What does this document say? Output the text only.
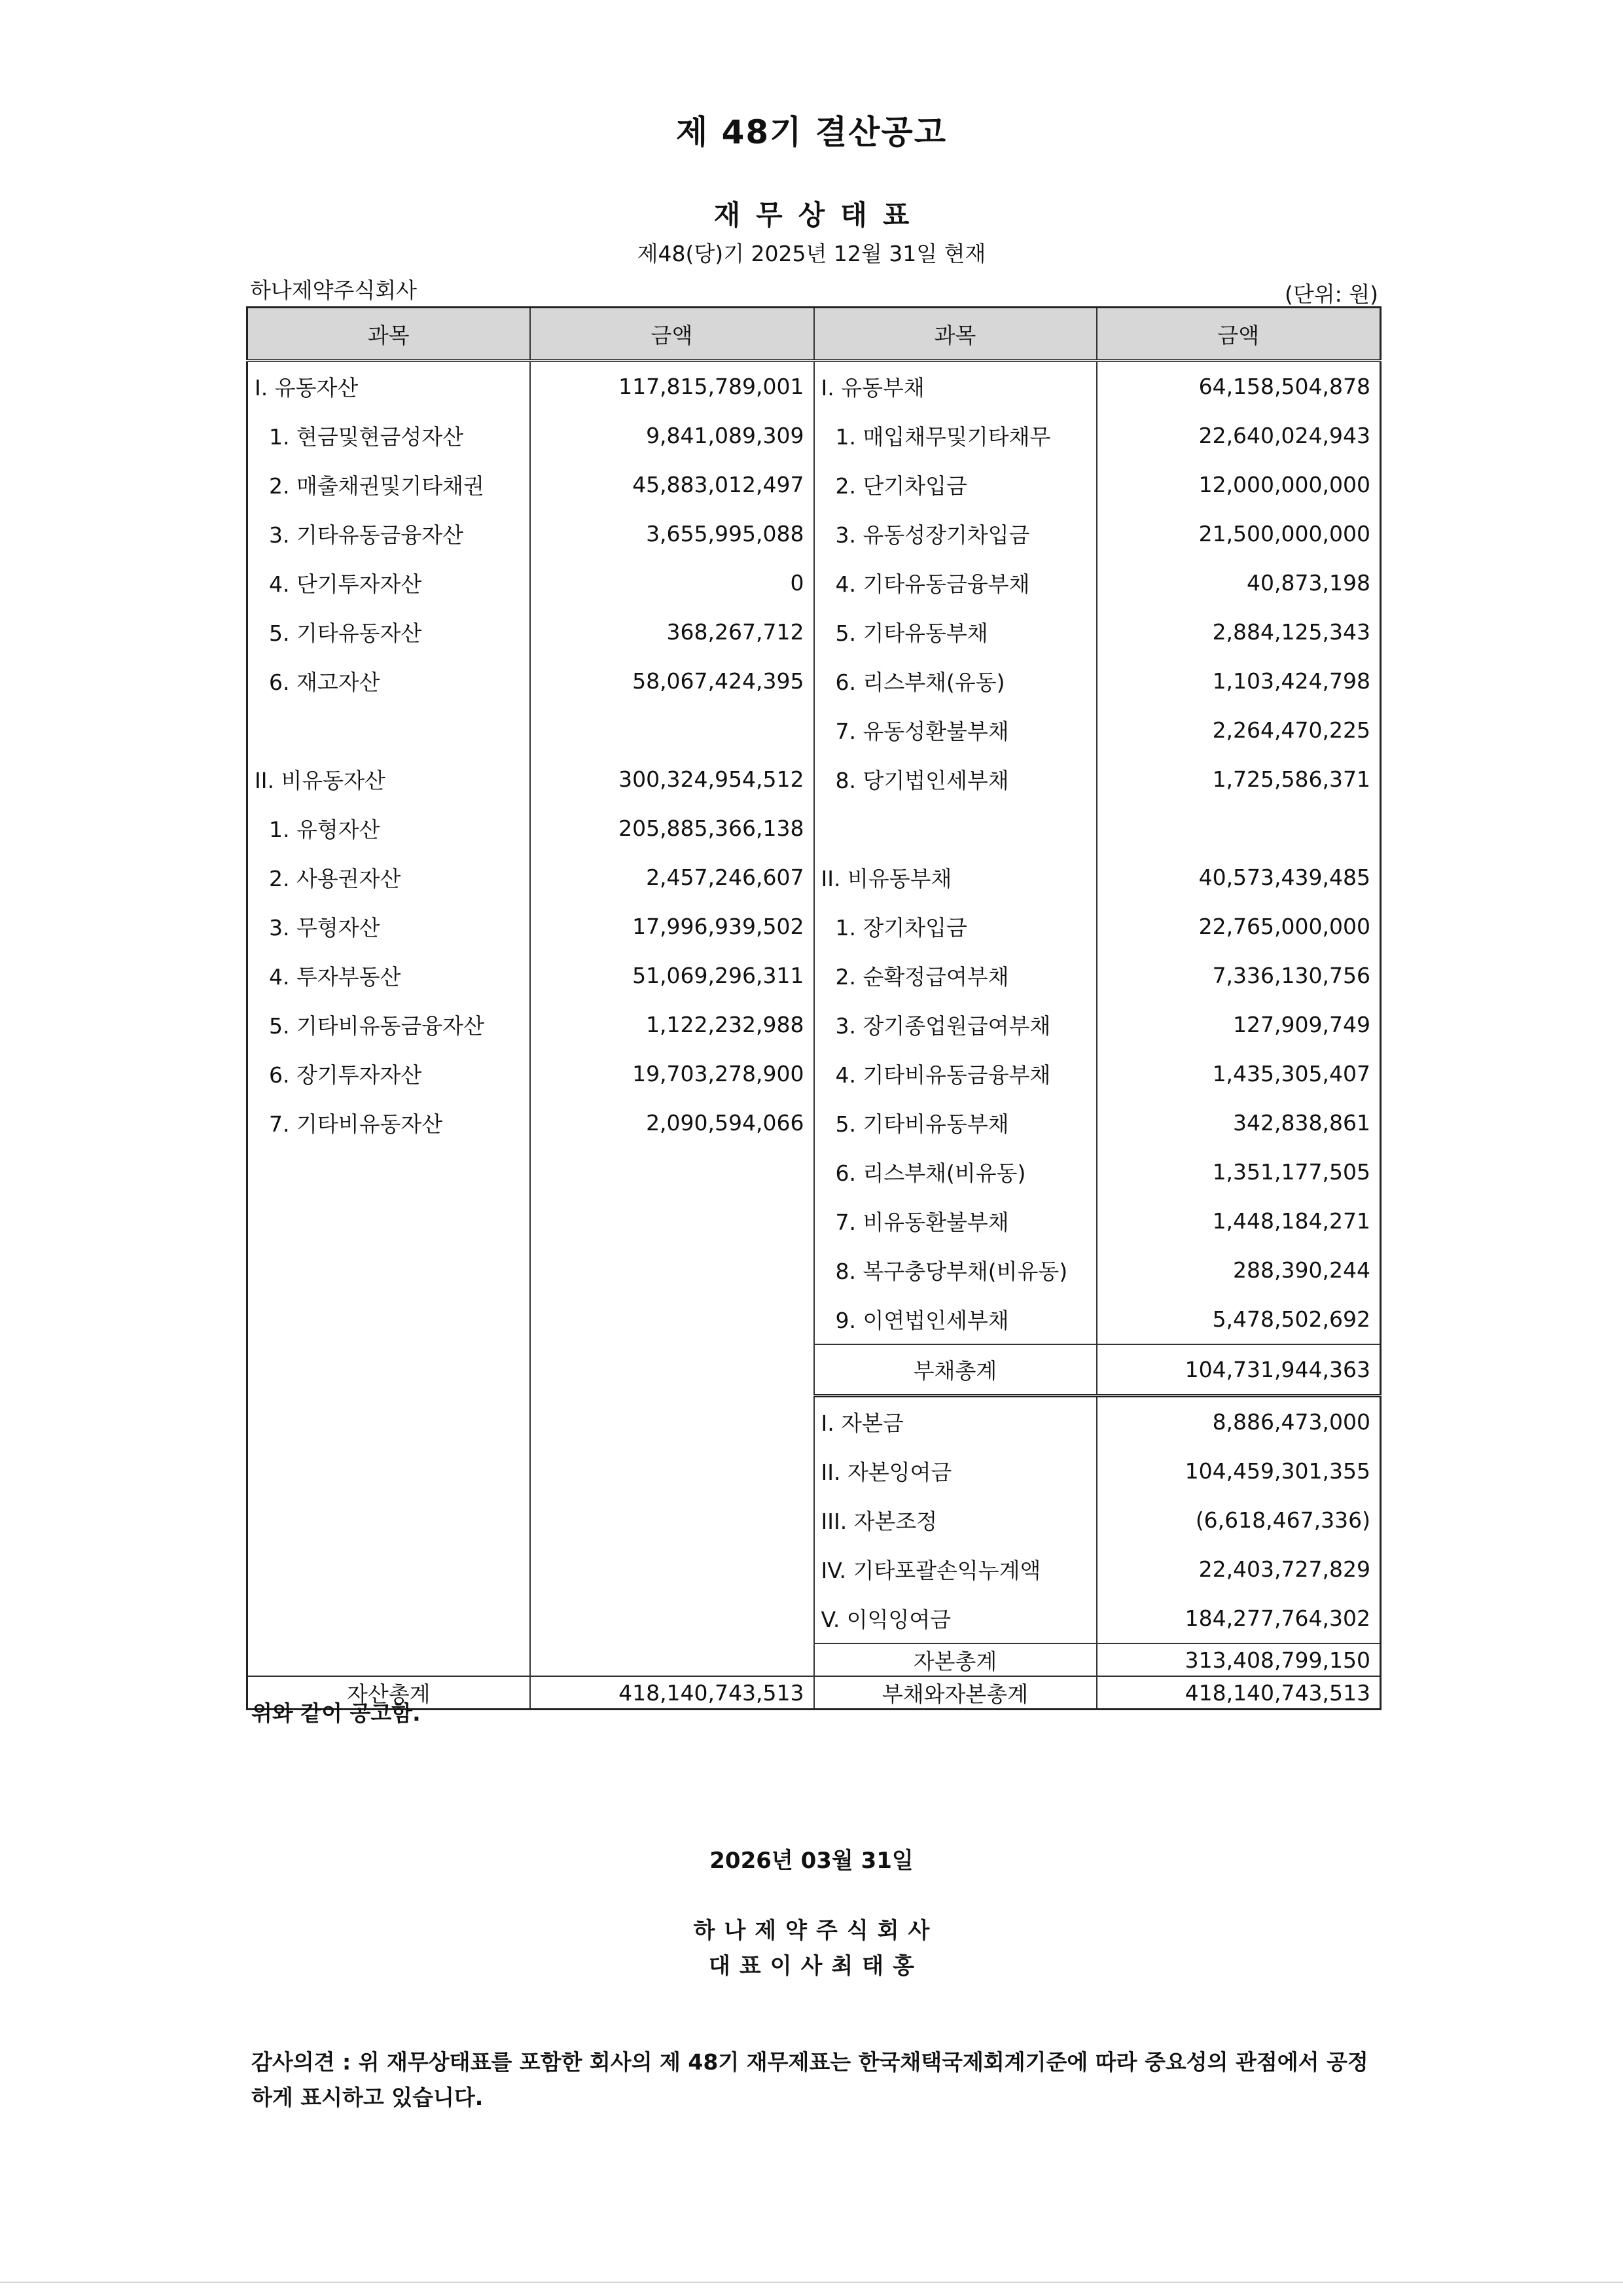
제 48기 결산공고
재무상태표
제48(당)기 2025년 12월 31일 현재
하나제약주식회사	(단위: 원)
과목	금액	과목	금액
I. 유동자산	117,815,789,001	I. 유동부채	64,158,504,878
1. 현금및현금성자산	9,841,089,309	1. 매입채무및기타채무	22,640,024,943
2. 매출채권및기타채권	45,883,012,497	2. 단기차입금	12,000,000,000
3. 기타유동금융자산	3,655,995,088	3. 유동성장기차입금	21,500,000,000
4. 단기투자자산	0	4. 기타유동금융부채	40,873,198
5. 기타유동자산	368,267,712	5. 기타유동부채	2,884,125,343
6. 재고자산	58,067,424,395	6. 리스부채(유동)	1,103,424,798
		7. 유동성환불부채	2,264,470,225
II. 비유동자산	300,324,954,512	8. 당기법인세부채	1,725,586,371
1. 유형자산	205,885,366,138		
2. 사용권자산	2,457,246,607	II. 비유동부채	40,573,439,485
3. 무형자산	17,996,939,502	1. 장기차입금	22,765,000,000
4. 투자부동산	51,069,296,311	2. 순확정급여부채	7,336,130,756
5. 기타비유동금융자산	1,122,232,988	3. 장기종업원급여부채	127,909,749
6. 장기투자자산	19,703,278,900	4. 기타비유동금융부채	1,435,305,407
7. 기타비유동자산	2,090,594,066	5. 기타비유동부채	342,838,861
		6. 리스부채(비유동)	1,351,177,505
		7. 비유동환불부채	1,448,184,271
		8. 복구충당부채(비유동)	288,390,244
		9. 이연법인세부채	5,478,502,692
		부채총계	104,731,944,363
		I. 자본금	8,886,473,000
		II. 자본잉여금	104,459,301,355
		III. 자본조정	(6,618,467,336)
		IV. 기타포괄손익누계액	22,403,727,829
		V. 이익잉여금	184,277,764,302
		자본총계	313,408,799,150
자산총계	418,140,743,513	부채와자본총계	418,140,743,513
위와 같이 공고함.
2026년 03월 31일
하나제약주식회사
대표이사최태홍
감사의견 : 위 재무상태표를 포함한 회사의 제 48기 재무제표는 한국채택국제회계기준에 따라 중요성의 관점에서 공정하게 표시하고 있습니다.
